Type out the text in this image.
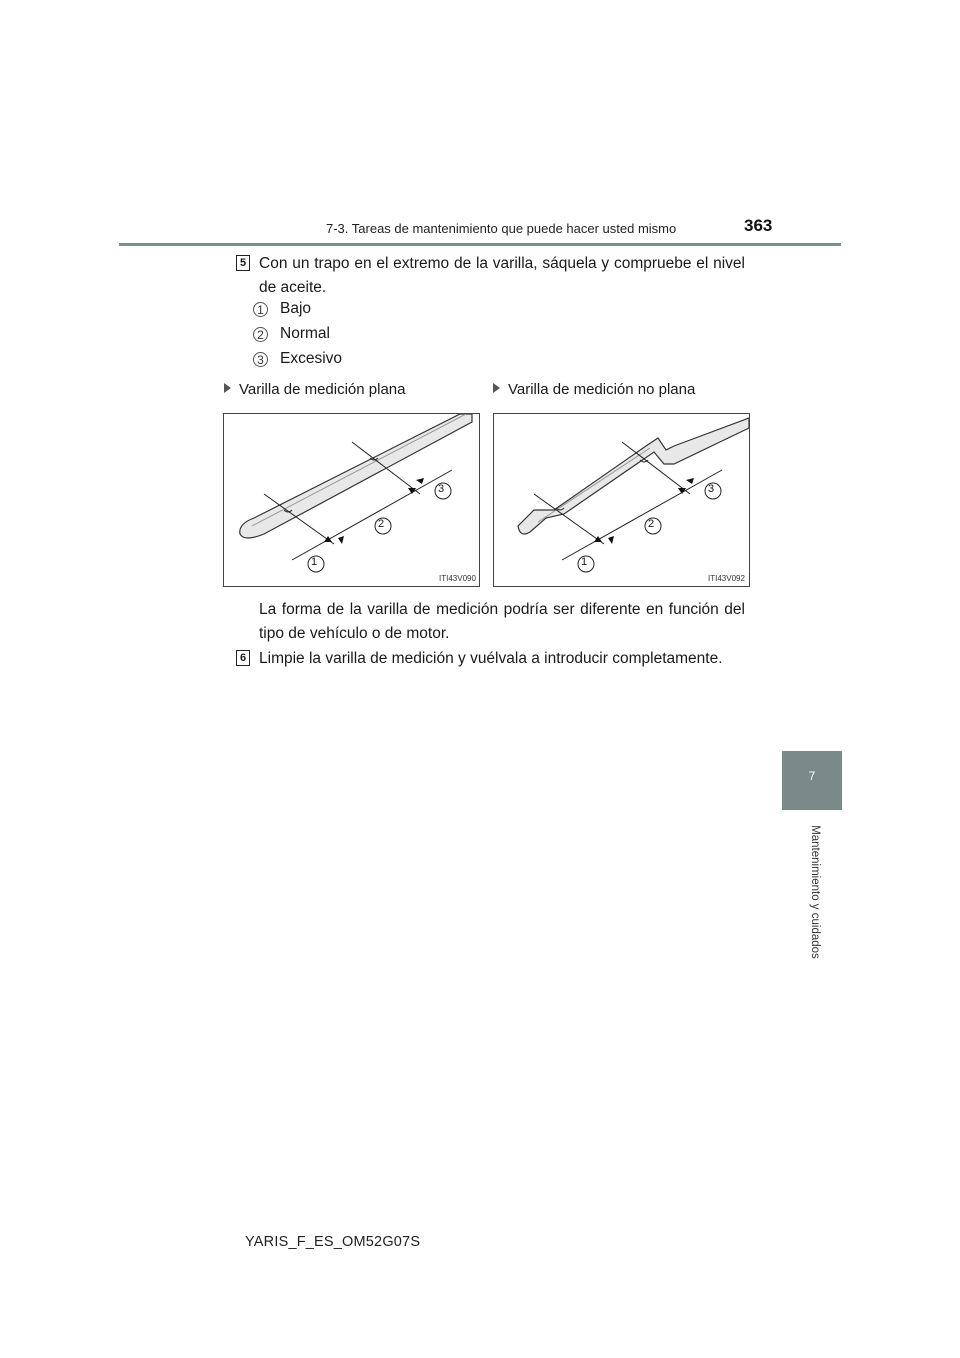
7-3. Tareas de mantenimiento que puede hacer usted mismo	363
7
Mantenimiento y cuidados
5 Con un trapo en el extremo de la varilla, sáquela y compruebe el nivel de aceite.
1 Bajo
2 Normal
3 Excesivo
Varilla de medición plana	Varilla de medición no plana
1
2
3
ITI43V090
1
2
3
ITI43V092
La forma de la varilla de medición podría ser diferente en función del tipo de vehículo o de motor.
6 Limpie la varilla de medición y vuélvala a introducir completamente.
YARIS_F_ES_OM52G07S
